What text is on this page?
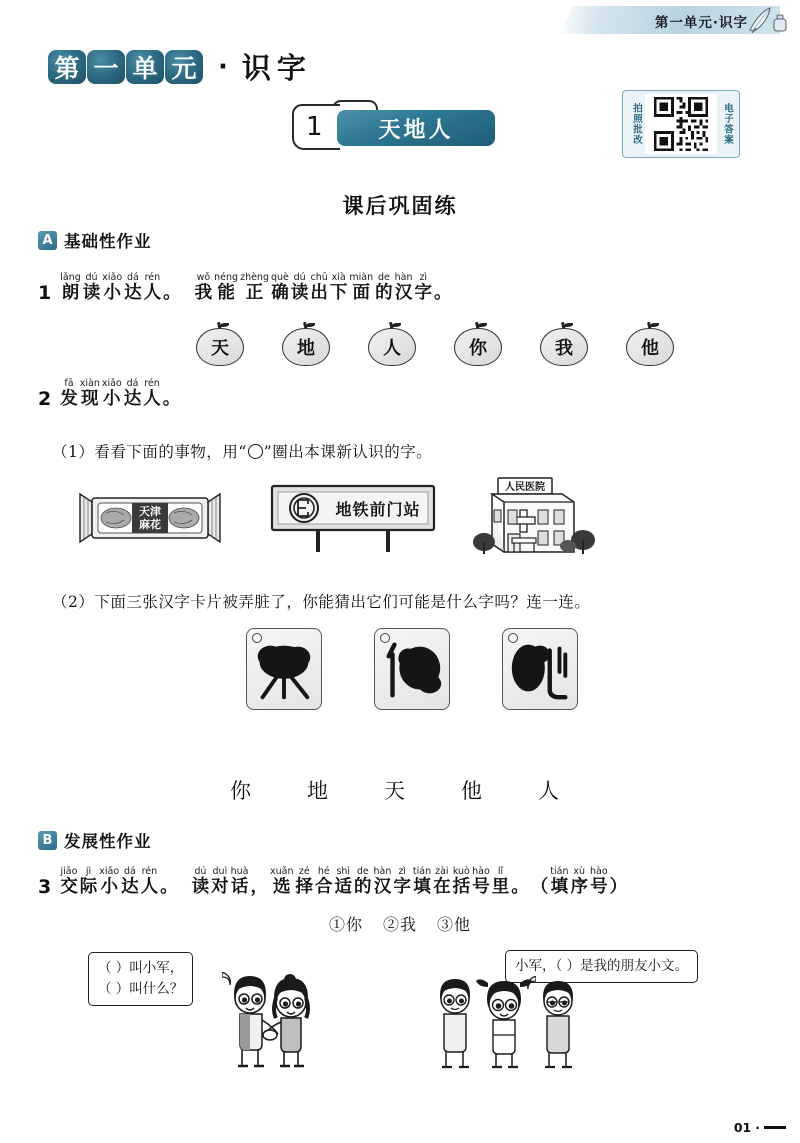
第一单元·识字
第 一 单 元 · 识字
1	天地人	拍照批改	电子答案
课后巩固练
A 基础性作业
1
lǎng
朗
dú
读
xiǎo
小
dá
达
rén
人 。
wǒ
我
néng
能
zhèng
正
què
确
dú
读
chū
出
xià
下
miàn
面
de
的
hàn
汉
zì
字 。
天	地	人	你	我	他
2
fā
发
xiàn
现
xiǎo
小
dá
达
rén
人 。
（1）看看下面的事物，用“ ”圈出本课新认识的字。
天津
麻花
地铁前门站
人民医院
（2）下面三张汉字卡片被弄脏了，你能猜出它们可能是什么字吗？连一连。
你	地	天	他	人
B 发展性作业
3
jiāo
交
jì
际
xiǎo
小
dá
达
rén
人 。
dú
读
duì
对
huà
话 ，
xuǎn
选
zé
择
hé
合
shì
适
de
的
hàn
汉
zì
字
tián
填
zài
在
kuò
括
hào
号
lǐ
里 。 （
tián
填
xù
序
hào
号 ）
①你 ②我 ③他
（ ）叫小军，
（ ）叫什么？
小军，（ ）是我的朋友小文。
01 ·
